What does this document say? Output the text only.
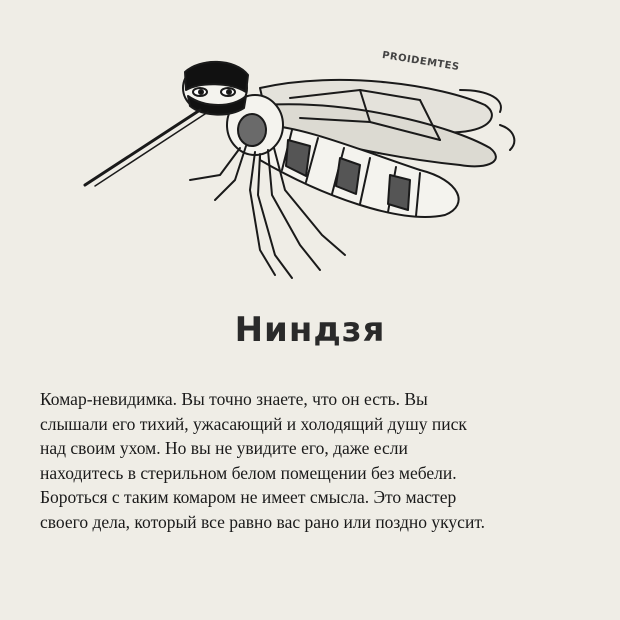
PROIDEMTES
Ниндзя

Комар-невидимка. Вы точно знаете, что он есть. Вы
слышали его тихий, ужасающий и холодящий душу писк
над своим ухом. Но вы не увидите его, даже если
находитесь в стерильном белом помещении без мебели.
Бороться с таким комаром не имеет смысла. Это мастер
своего дела, который все равно вас рано или поздно укусит.
